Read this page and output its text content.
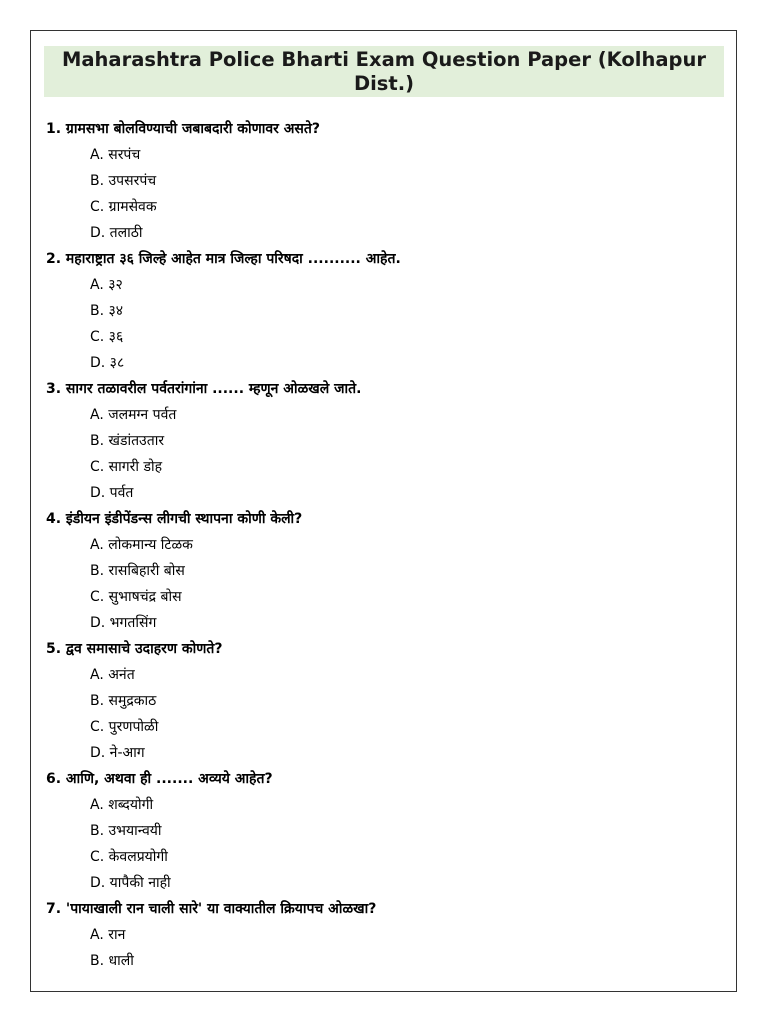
Maharashtra Police Bharti Exam Question Paper (Kolhapur Dist.)
1. ग्रामसभा बोलविण्याची जबाबदारी कोणावर असते?
A. सरपंच
B. उपसरपंच
C. ग्रामसेवक
D. तलाठी
2. महाराष्ट्रात ३६ जिल्हे आहेत मात्र जिल्हा परिषदा .......... आहेत.
A. ३२
B. ३४
C. ३६
D. ३८
3. सागर तळावरील पर्वतरांगांना ...... म्हणून ओळखले जाते.
A. जलमग्न पर्वत
B. खंडांतउतार
C. सागरी डोह
D. पर्वत
4. इंडीयन इंडीपेंडन्स लीगची स्थापना कोणी केली?
A. लोकमान्य टिळक
B. रासबिहारी बोस
C. सुभाषचंद्र बोस
D. भगतसिंग
5. द्वव समासाचे उदाहरण कोणते?
A. अनंत
B. समुद्रकाठ
C. पुरणपोळी
D. ने-आग
6. आणि, अथवा ही ....... अव्यये आहेत?
A. शब्दयोगी
B. उभयान्वयी
C. केवलप्रयोगी
D. यापैकी नाही
7. 'पायाखाली रान चाली सारे' या वाक्यातील क्रियापच ओळखा?
A. रान
B. धाली
